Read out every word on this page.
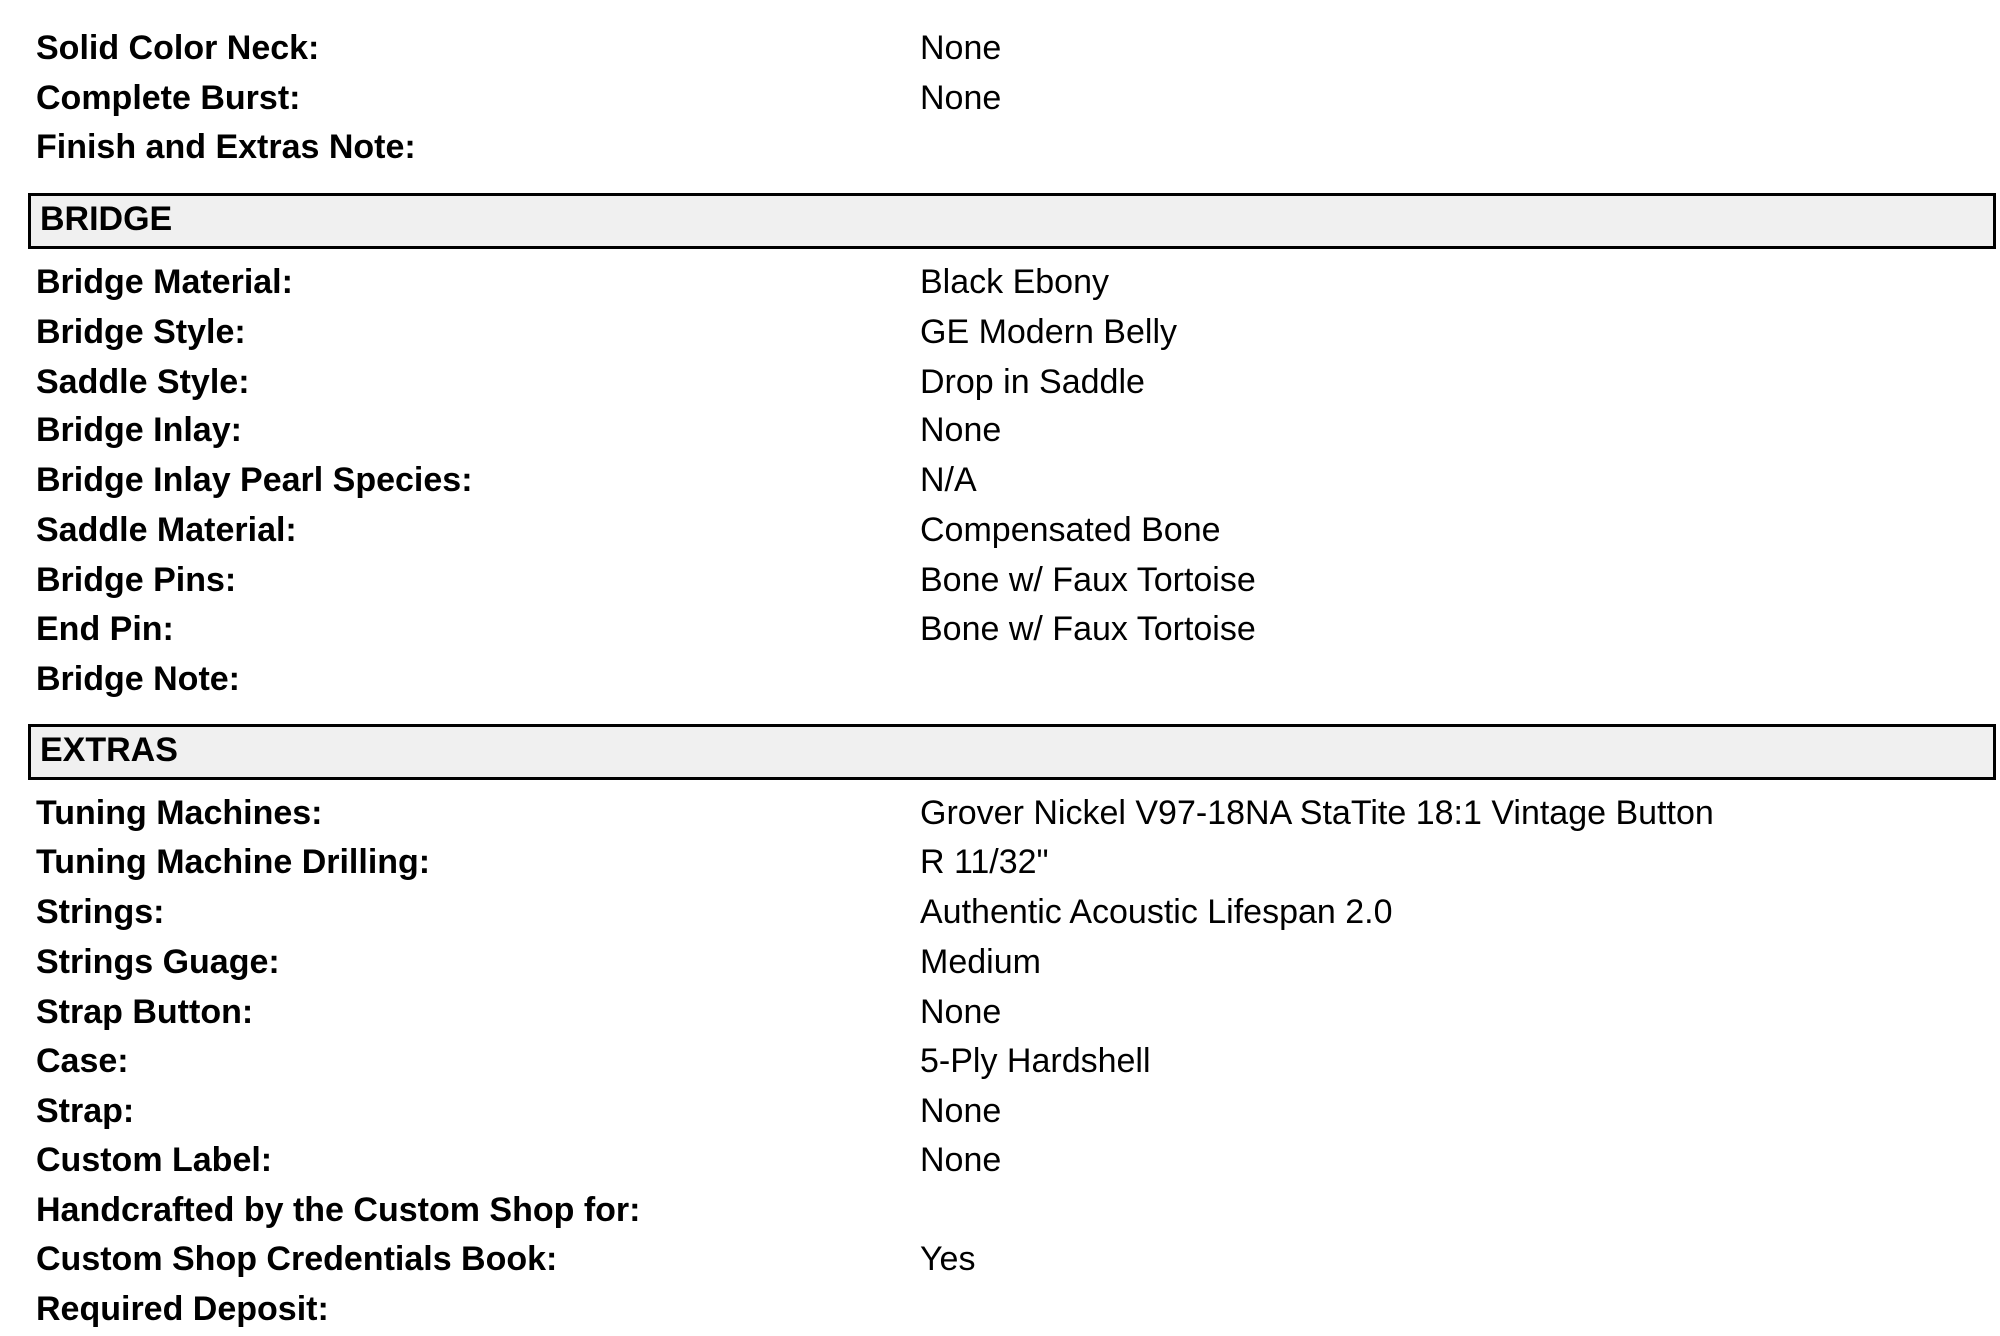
Solid Color Neck:	None
Complete Burst:	None
Finish and Extras Note:
BRIDGE
Bridge Material:	Black Ebony
Bridge Style:	GE Modern Belly
Saddle Style:	Drop in Saddle
Bridge Inlay:	None
Bridge Inlay Pearl Species:	N/A
Saddle Material:	Compensated Bone
Bridge Pins:	Bone w/ Faux Tortoise
End Pin:	Bone w/ Faux Tortoise
Bridge Note:
EXTRAS
Tuning Machines:	Grover Nickel V97-18NA StaTite 18:1 Vintage Button
Tuning Machine Drilling:	R 11/32"
Strings:	Authentic Acoustic Lifespan 2.0
Strings Guage:	Medium
Strap Button:	None
Case:	5-Ply Hardshell
Strap:	None
Custom Label:	None
Handcrafted by the Custom Shop for:
Custom Shop Credentials Book:	Yes
Required Deposit:
